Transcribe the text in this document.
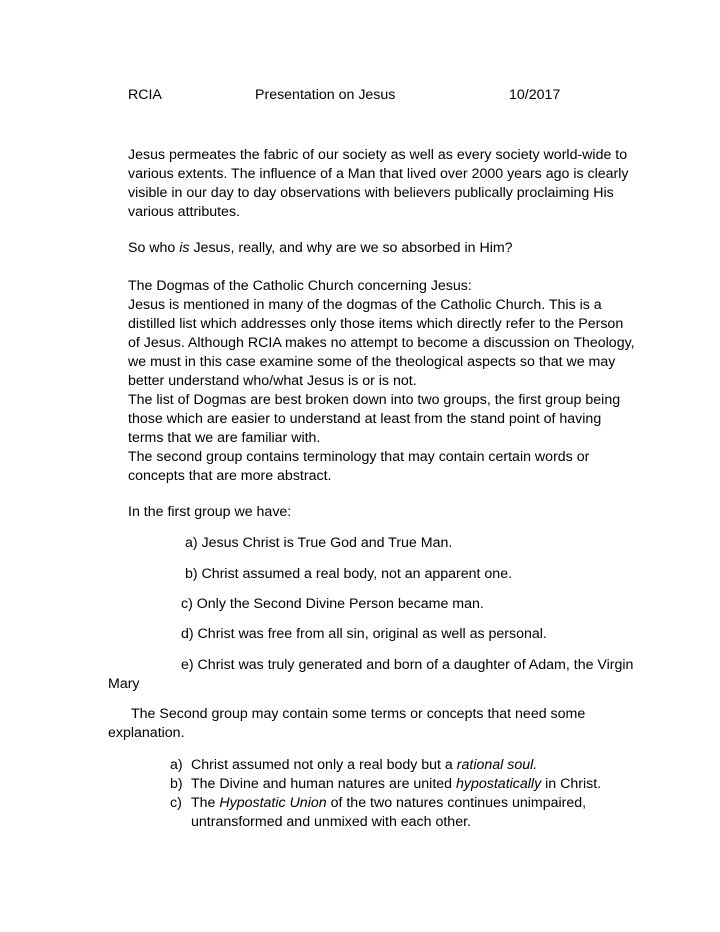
RCIA	Presentation on Jesus	10/2017
Jesus permeates the fabric of our society as well as every society world-wide to
various extents. The influence of a Man that lived over 2000 years ago is clearly
visible in our day to day observations with believers publically proclaiming His
various attributes.
So who is Jesus, really, and why are we so absorbed in Him?
The Dogmas of the Catholic Church concerning Jesus:
Jesus is mentioned in many of the dogmas of the Catholic Church. This is a
distilled list which addresses only those items which directly refer to the Person
of Jesus. Although RCIA makes no attempt to become a discussion on Theology,
we must in this case examine some of the theological aspects so that we may
better understand who/what Jesus is or is not.
The list of Dogmas are best broken down into two groups, the first group being
those which are easier to understand at least from the stand point of having
terms that we are familiar with.
The second group contains terminology that may contain certain words or
concepts that are more abstract.
In the first group we have:
a) Jesus Christ is True God and True Man.
b) Christ assumed a real body, not an apparent one.
c) Only the Second Divine Person became man.
d) Christ was free from all sin, original as well as personal.
e) Christ was truly generated and born of a daughter of Adam, the Virgin
Mary
The Second group may contain some terms or concepts that need some
explanation.
a) Christ assumed not only a real body but a rational soul.
b) The Divine and human natures are united hypostatically in Christ.
c) The Hypostatic Union of the two natures continues unimpaired,
untransformed and unmixed with each other.
